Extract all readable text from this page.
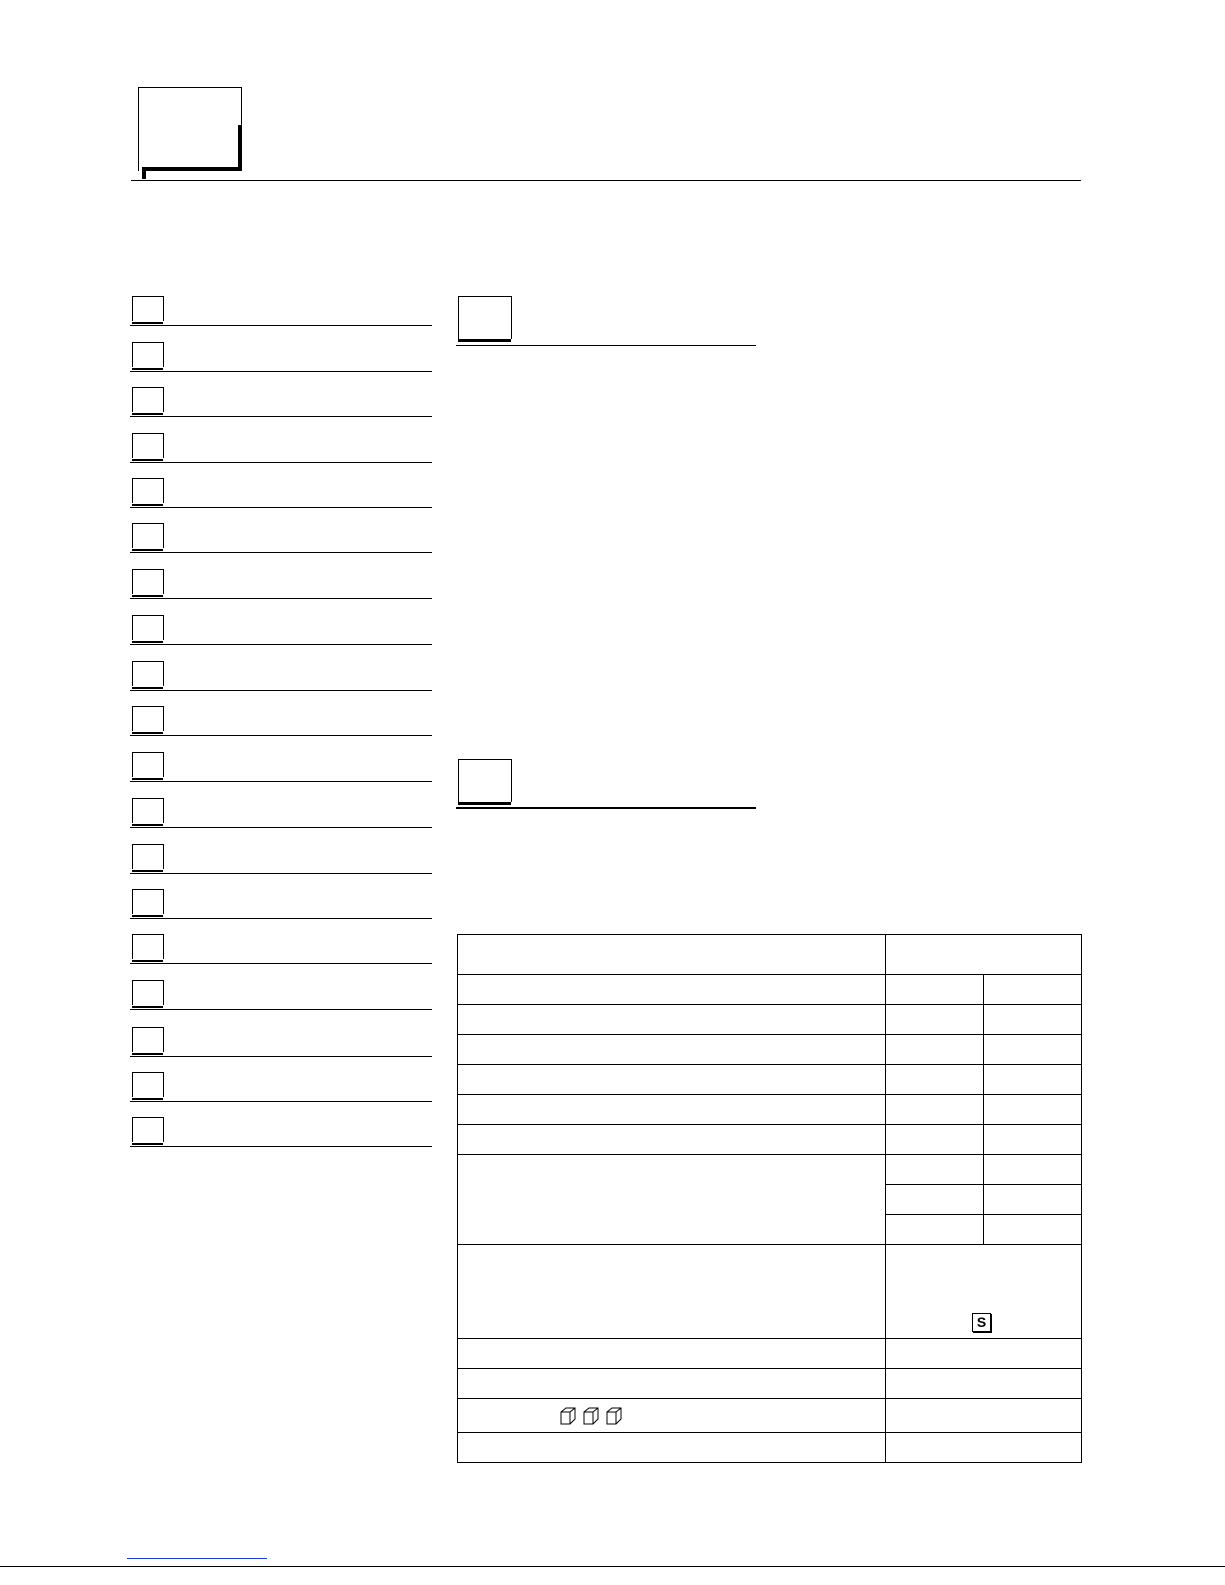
	S	
